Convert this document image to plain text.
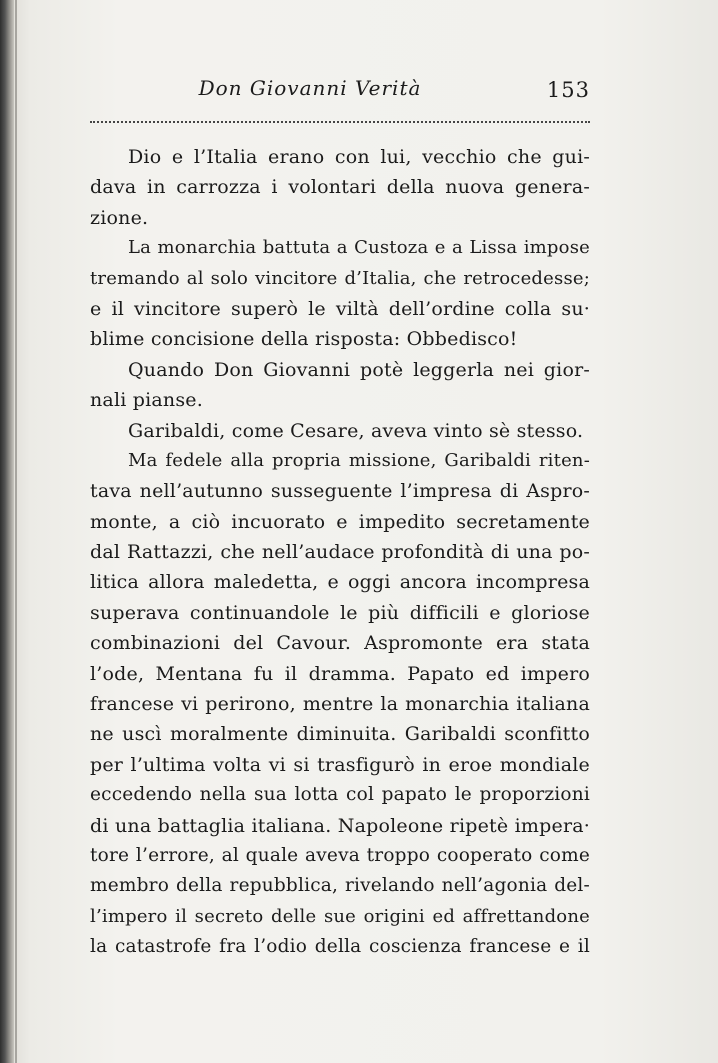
Don Giovanni Verità	153
Dio e l’Italia erano con lui, vecchio che gui-
dava in carrozza i volontari della nuova genera-
zione.
La monarchia battuta a Custoza e a Lissa impose
tremando al solo vincitore d’Italia, che retrocedesse;
e il vincitore superò le viltà dell’ordine colla su·
blime concisione della risposta: Obbedisco!
Quando Don Giovanni potè leggerla nei gior-
nali pianse.
Garibaldi, come Cesare, aveva vinto sè stesso.
Ma fedele alla propria missione, Garibaldi riten-
tava nell’autunno susseguente l’impresa di Aspro-
monte, a ciò incuorato e impedito secretamente
dal Rattazzi, che nell’audace profondità di una po-
litica allora maledetta, e oggi ancora incompresa
superava continuandole le più difficili e gloriose
combinazioni del Cavour. Aspromonte era stata
l’ode, Mentana fu il dramma. Papato ed impero
francese vi perirono, mentre la monarchia italiana
ne uscì moralmente diminuita. Garibaldi sconfitto
per l’ultima volta vi si trasfigurò in eroe mondiale
eccedendo nella sua lotta col papato le proporzioni
di una battaglia italiana. Napoleone ripetè impera·
tore l’errore, al quale aveva troppo cooperato come
membro della repubblica, rivelando nell’agonia del-
l’impero il secreto delle sue origini ed affrettandone
la catastrofe fra l’odio della coscienza francese e il
